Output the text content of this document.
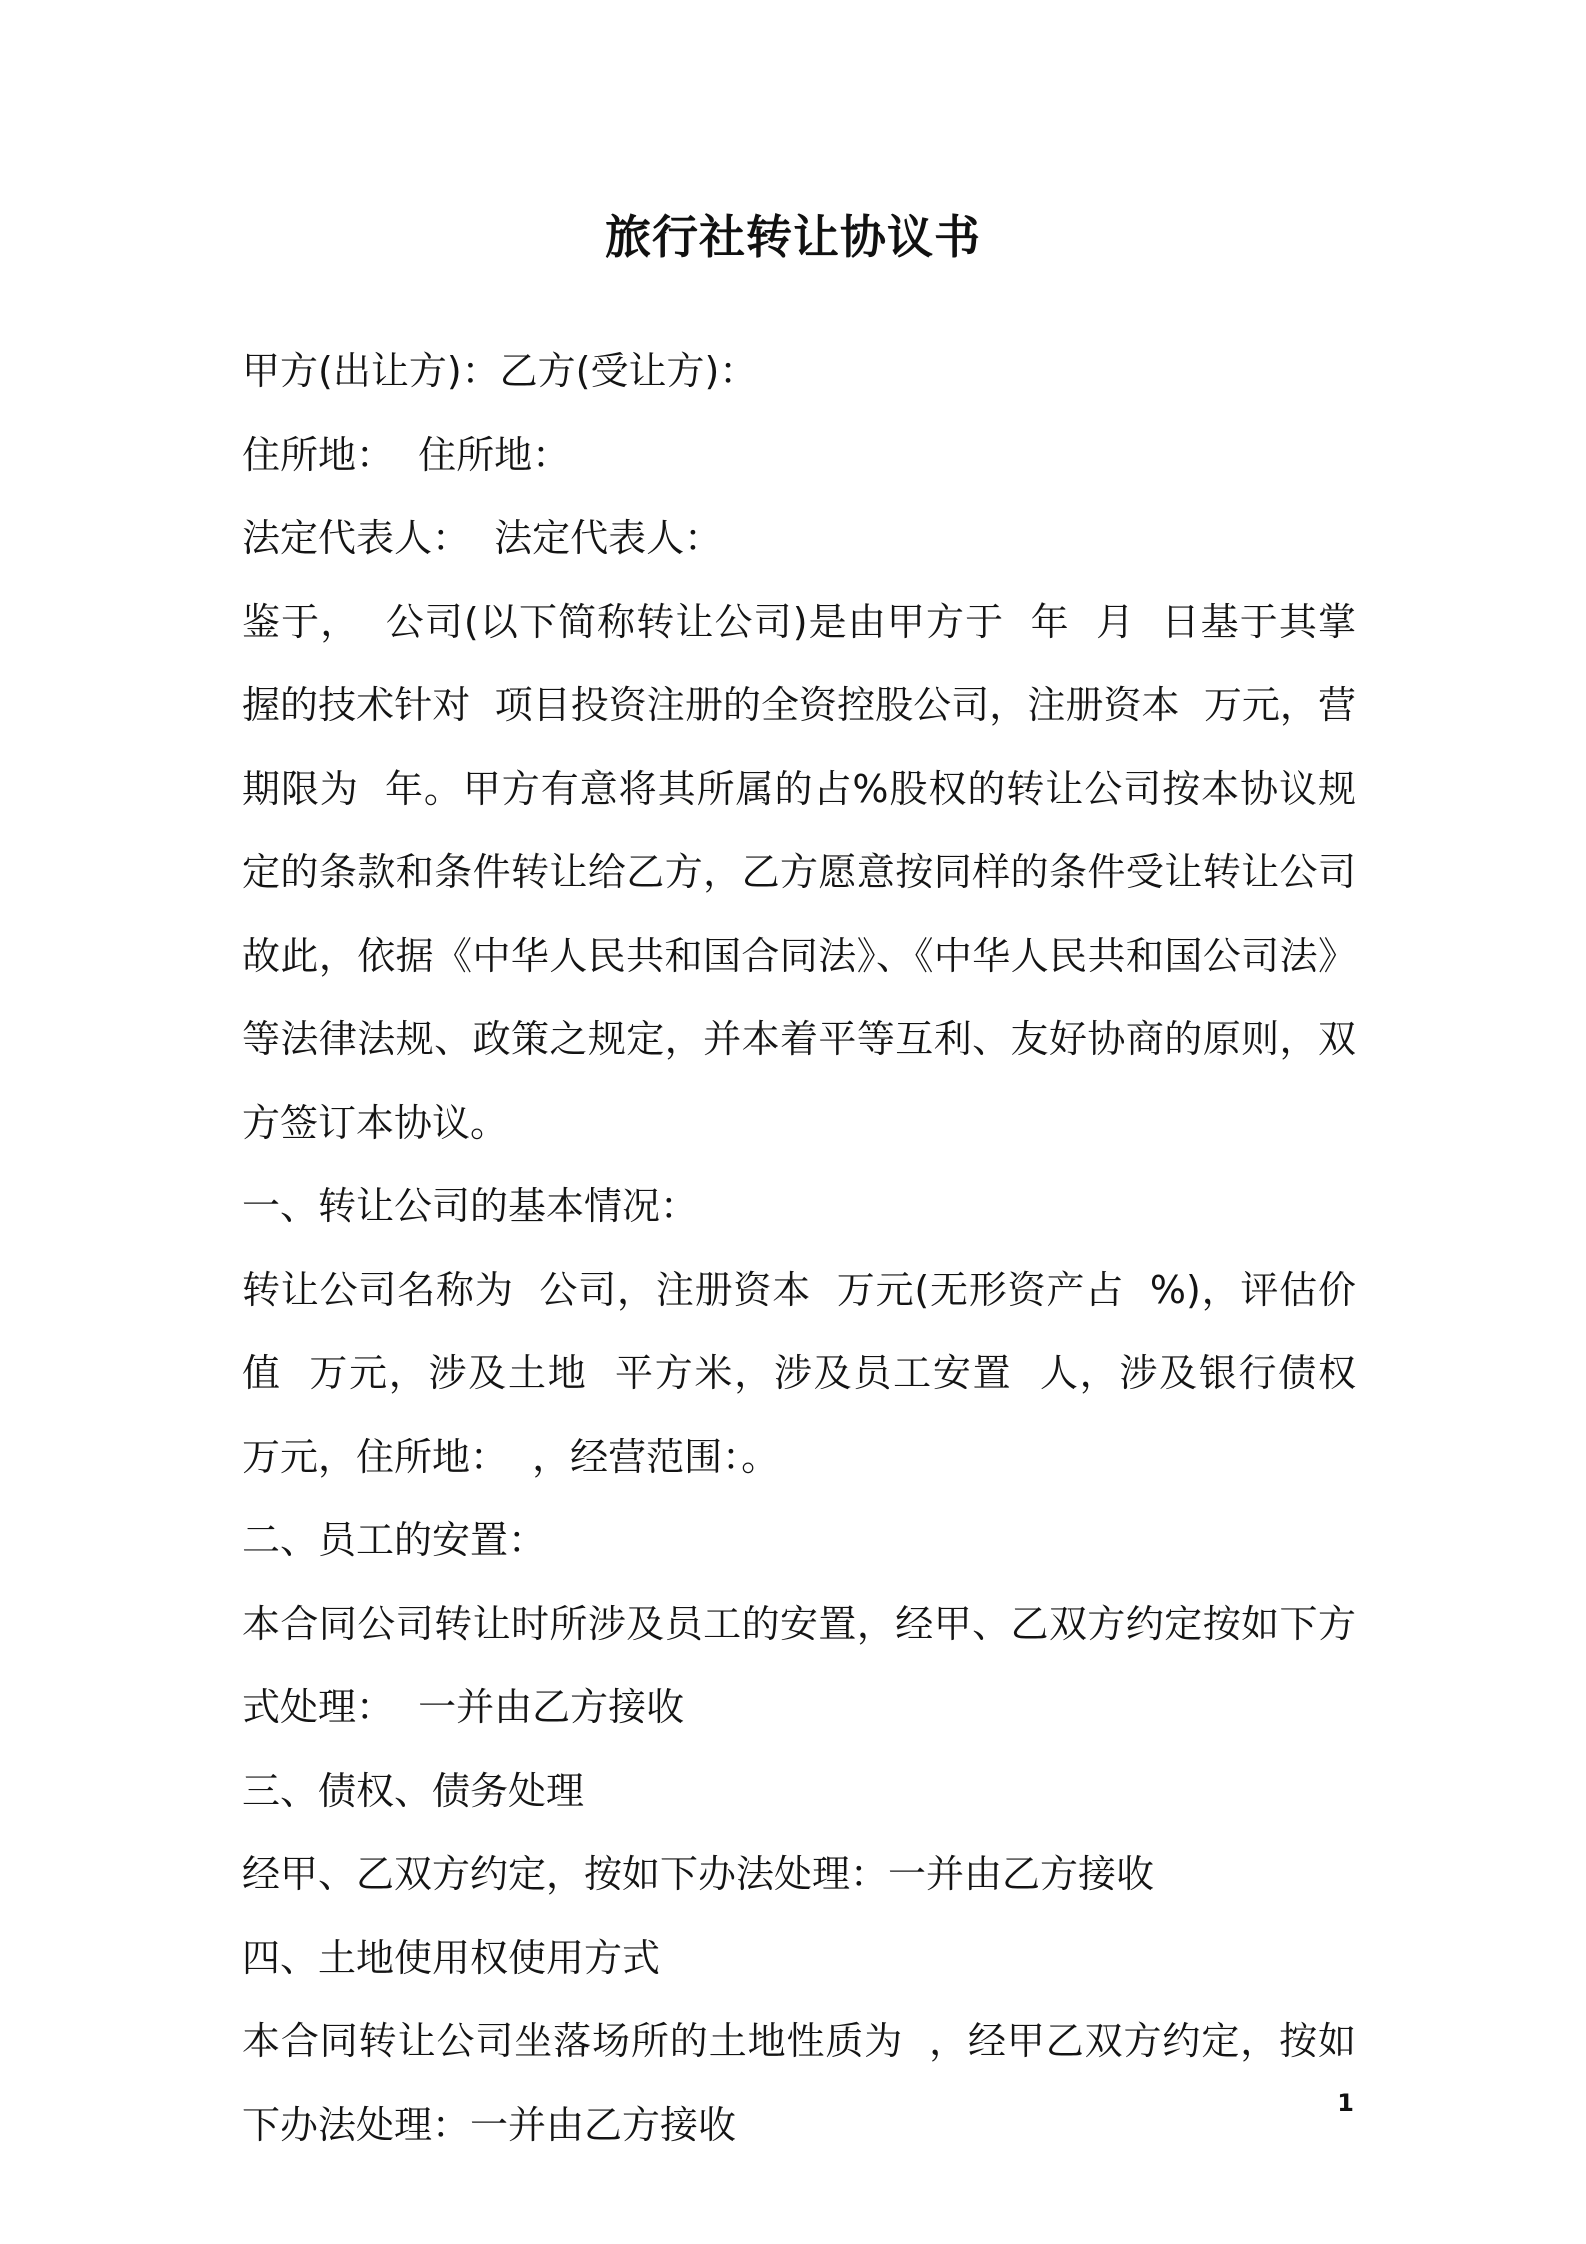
旅行社转让协议书

甲方(出让方)：乙方(受让方)：

住所地：  住所地：

法定代表人：  法定代表人：

鉴于，  公司(以下简称转让公司)是由甲方于  年  月  日基于其掌握的技术针对  项目投资注册的全资控股公司，注册资本  万元，营期限为  年。甲方有意将其所属的占%股权的转让公司按本协议规定的条款和条件转让给乙方，乙方愿意按同样的条件受让转让公司故此，依据《中华人民共和国合同法》、《中华人民共和国公司法》等法律法规、政策之规定，并本着平等互利、友好协商的原则，双方签订本协议。

一、转让公司的基本情况：

转让公司名称为  公司，注册资本  万元(无形资产占  %)，评估价值  万元，涉及土地  平方米，涉及员工安置  人，涉及银行债权  万元，住所地：  ，经营范围：。

二、员工的安置：

本合同公司转让时所涉及员工的安置，经甲、乙双方约定按如下方式处理：  一并由乙方接收

三、债权、债务处理

经甲、乙双方约定，按如下办法处理：一并由乙方接收

四、土地使用权使用方式

本合同转让公司坐落场所的土地性质为  ，经甲乙双方约定，按如下办法处理：一并由乙方接收	1
